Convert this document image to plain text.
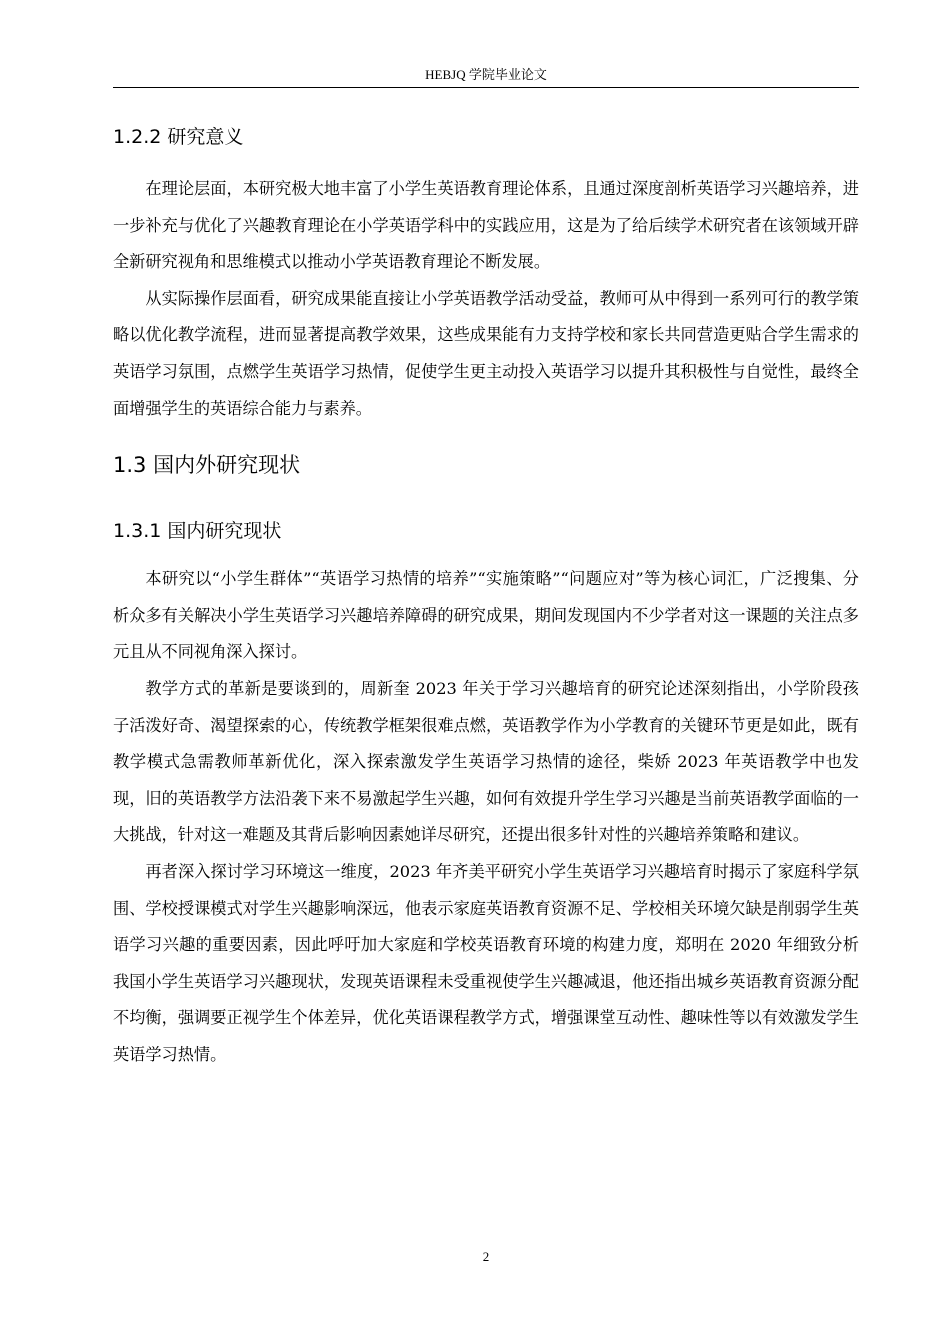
HEBJQ 学院毕业论文
1.2.2 研究意义

在理论层面，本研究极大地丰富了小学生英语教育理论体系，且通过深度剖析英语学习兴趣培养，进一步补充与优化了兴趣教育理论在小学英语学科中的实践应用，这是为了给后续学术研究者在该领域开辟全新研究视角和思维模式以推动小学英语教育理论不断发展。

从实际操作层面看，研究成果能直接让小学英语教学活动受益，教师可从中得到一系列可行的教学策略以优化教学流程，进而显著提高教学效果，这些成果能有力支持学校和家长共同营造更贴合学生需求的英语学习氛围，点燃学生英语学习热情，促使学生更主动投入英语学习以提升其积极性与自觉性，最终全面增强学生的英语综合能力与素养。

1.3 国内外研究现状
1.3.1 国内研究现状

本研究以“小学生群体”“英语学习热情的培养”“实施策略”“问题应对”等为核心词汇，广泛搜集、分析众多有关解决小学生英语学习兴趣培养障碍的研究成果，期间发现国内不少学者对这一课题的关注点多元且从不同视角深入探讨。

教学方式的革新是要谈到的，周新奎 2023 年关于学习兴趣培育的研究论述深刻指出，小学阶段孩子活泼好奇、渴望探索的心，传统教学框架很难点燃，英语教学作为小学教育的关键环节更是如此，既有教学模式急需教师革新优化，深入探索激发学生英语学习热情的途径，柴娇 2023 年英语教学中也发现，旧的英语教学方法沿袭下来不易激起学生兴趣，如何有效提升学生学习兴趣是当前英语教学面临的一大挑战，针对这一难题及其背后影响因素她详尽研究，还提出很多针对性的兴趣培养策略和建议。

再者深入探讨学习环境这一维度，2023 年齐美平研究小学生英语学习兴趣培育时揭示了家庭科学氛围、学校授课模式对学生兴趣影响深远，他表示家庭英语教育资源不足、学校相关环境欠缺是削弱学生英语学习兴趣的重要因素，因此呼吁加大家庭和学校英语教育环境的构建力度，郑明在 2020 年细致分析我国小学生英语学习兴趣现状，发现英语课程未受重视使学生兴趣减退，他还指出城乡英语教育资源分配不均衡，强调要正视学生个体差异，优化英语课程教学方式，增强课堂互动性、趣味性等以有效激发学生英语学习热情。

2
